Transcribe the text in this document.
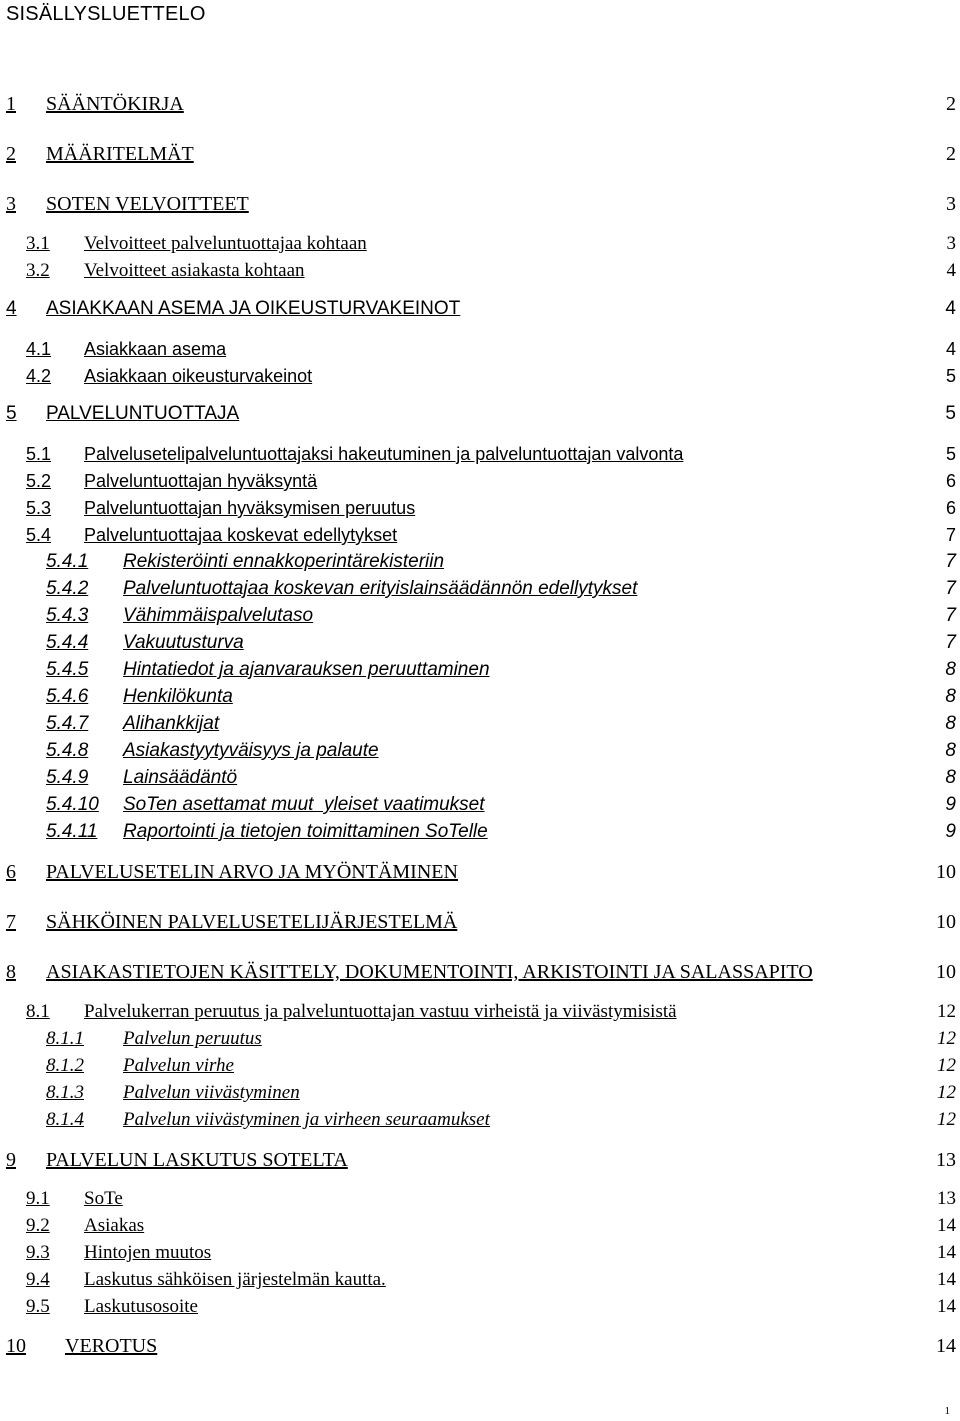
SISÄLLYSLUETTELO
1 SÄÄNTÖKIRJA	2
2 MÄÄRITELMÄT	2
3 SOTEN VELVOITTEET	3
3.1 Velvoitteet palveluntuottajaa kohtaan	3
3.2 Velvoitteet asiakasta kohtaan	4
4 ASIAKKAAN ASEMA JA OIKEUSTURVAKEINOT	4
4.1 Asiakkaan asema	4
4.2 Asiakkaan oikeusturvakeinot	5
5 PALVELUNTUOTTAJA	5
5.1 Palvelusetelipalveluntuottajaksi hakeutuminen ja palveluntuottajan valvonta	5
5.2 Palveluntuottajan hyväksyntä	6
5.3 Palveluntuottajan hyväksymisen peruutus	6
5.4 Palveluntuottajaa koskevat edellytykset	7
5.4.1 Rekisteröinti ennakkoperintärekisteriin	7
5.4.2 Palveluntuottajaa koskevan erityislainsäädännön edellytykset	7
5.4.3 Vähimmäispalvelutaso	7
5.4.4 Vakuutusturva	7
5.4.5 Hintatiedot ja ajanvarauksen peruuttaminen	8
5.4.6 Henkilökunta	8
5.4.7 Alihankkijat	8
5.4.8 Asiakastyytyväisyys ja palaute	8
5.4.9 Lainsäädäntö	8
5.4.10 SoTen asettamat muut  yleiset vaatimukset	9
5.4.11 Raportointi ja tietojen toimittaminen SoTelle	9
6 PALVELUSETELIN ARVO JA MYÖNTÄMINEN	10
7 SÄHKÖINEN PALVELUSETELIJÄRJESTELMÄ	10
8 ASIAKASTIETOJEN KÄSITTELY, DOKUMENTOINTI, ARKISTOINTI JA SALASSAPITO	10
8.1 Palvelukerran peruutus ja palveluntuottajan vastuu virheistä ja viivästymisistä	12
8.1.1 Palvelun peruutus	12
8.1.2 Palvelun virhe	12
8.1.3 Palvelun viivästyminen	12
8.1.4 Palvelun viivästyminen ja virheen seuraamukset	12
9 PALVELUN LASKUTUS SOTELTA	13
9.1 SoTe	13
9.2 Asiakas	14
9.3 Hintojen muutos	14
9.4 Laskutus sähköisen järjestelmän kautta.	14
9.5 Laskutusosoite	14
10 VEROTUS	14
1
